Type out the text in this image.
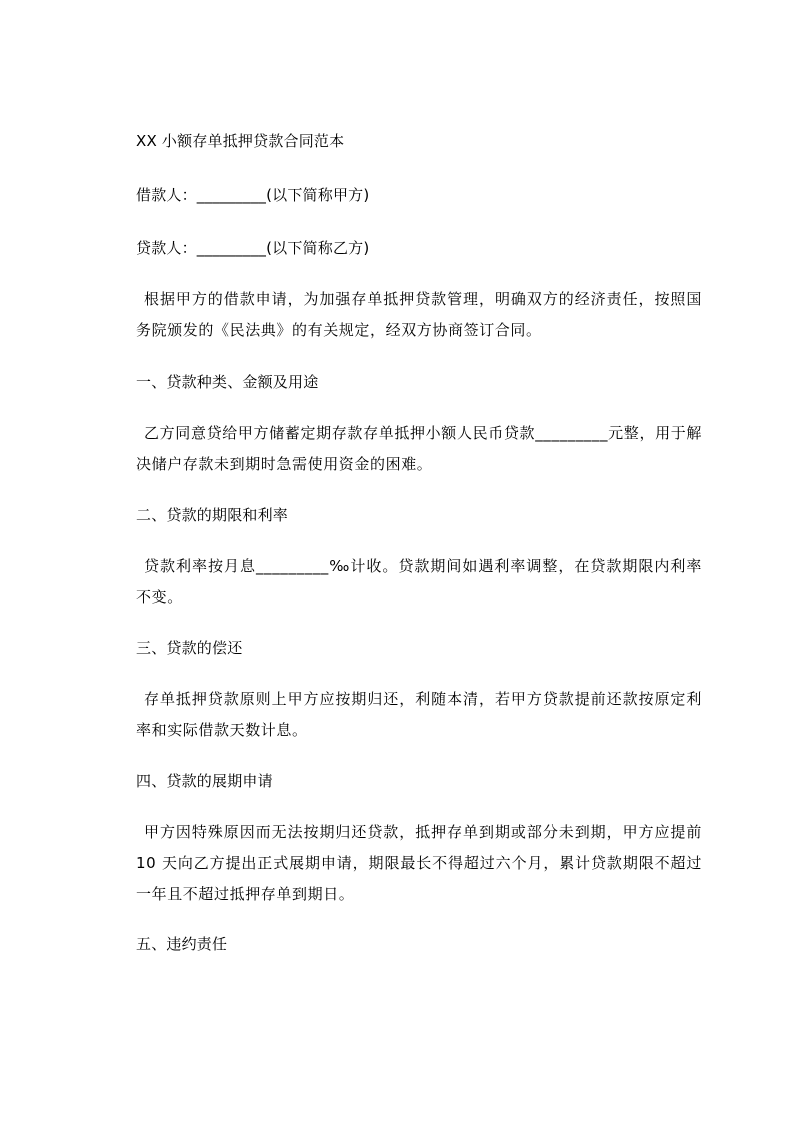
XX 小额存单抵押贷款合同范本
借款人：_________(以下简称甲方)
贷款人：_________(以下简称乙方)
根据甲方的借款申请，为加强存单抵押贷款管理，明确双方的经济责任，按照国务院颁发的《民法典》的有关规定，经双方协商签订合同。
一、贷款种类、金额及用途
乙方同意贷给甲方储蓄定期存款存单抵押小额人民币贷款_________元整，用于解决储户存款未到期时急需使用资金的困难。
二、贷款的期限和利率
贷款利率按月息_________‰计收。贷款期间如遇利率调整，在贷款期限内利率不变。
三、贷款的偿还
存单抵押贷款原则上甲方应按期归还，利随本清，若甲方贷款提前还款按原定利率和实际借款天数计息。
四、贷款的展期申请
甲方因特殊原因而无法按期归还贷款，抵押存单到期或部分未到期，甲方应提前 10 天向乙方提出正式展期申请，期限最长不得超过六个月，累计贷款期限不超过一年且不超过抵押存单到期日。
五、违约责任
